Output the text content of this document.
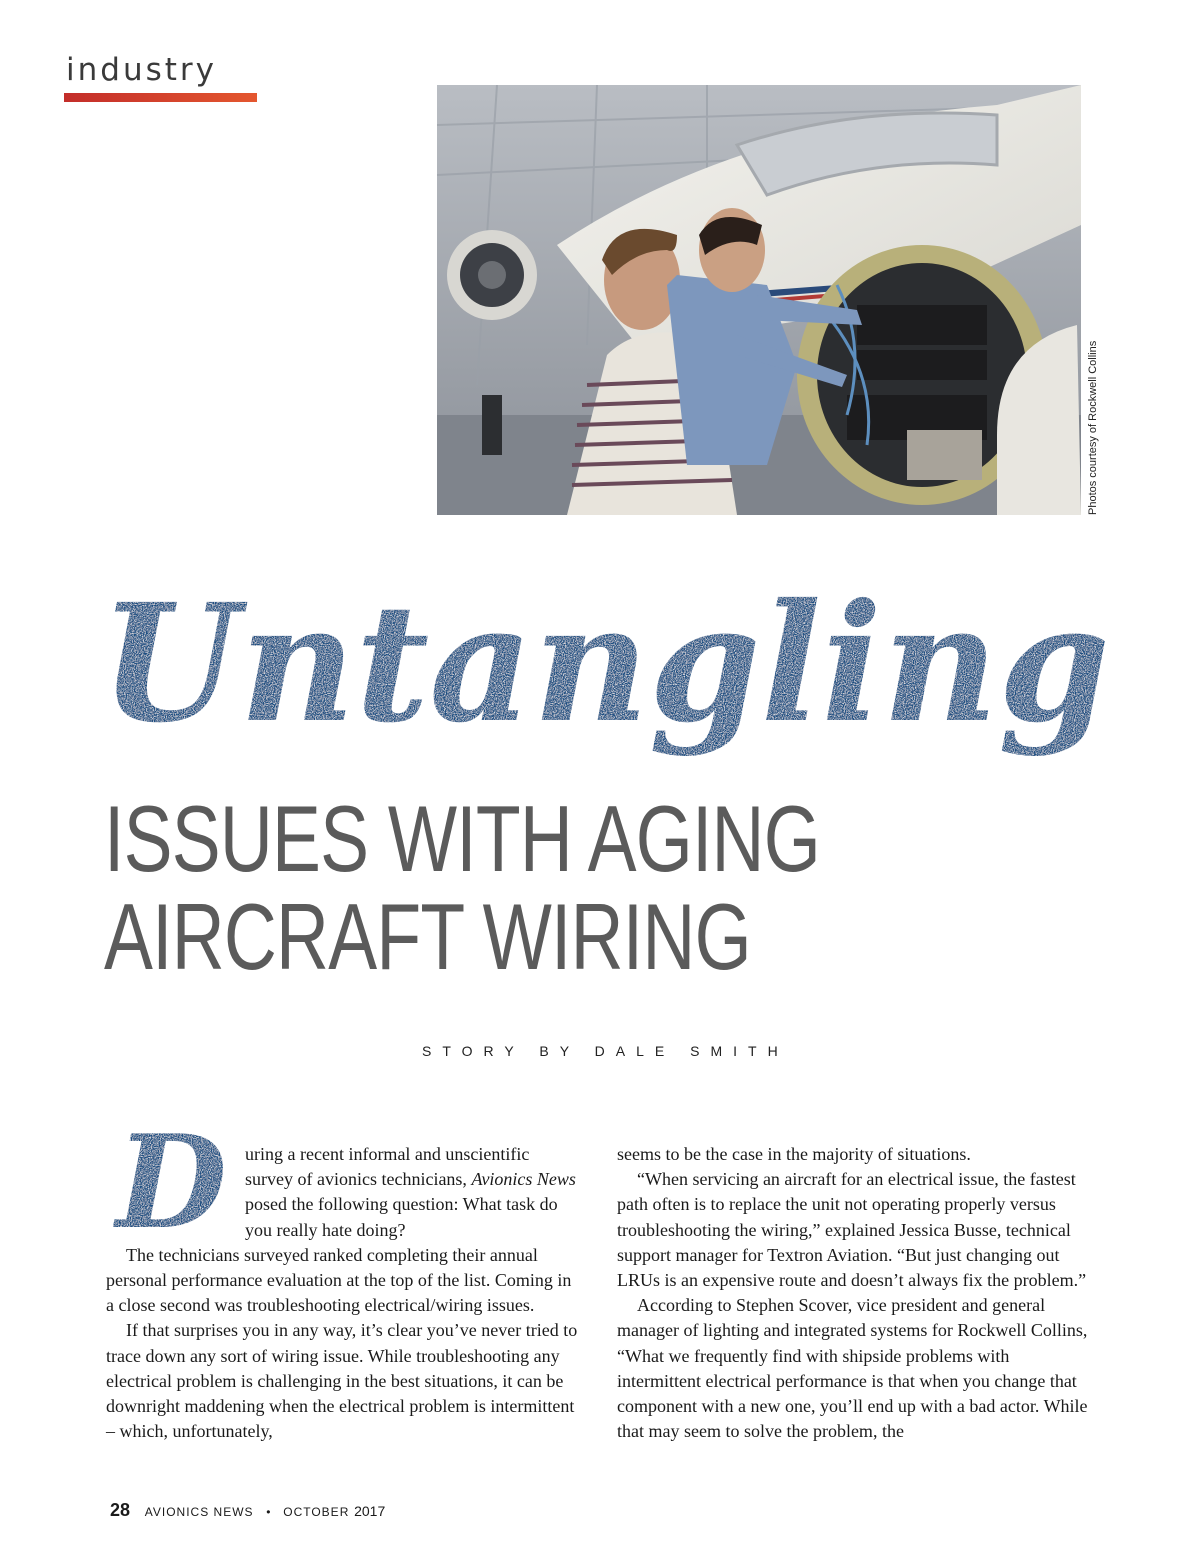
industry
Photos courtesy of Rockwell Collins
Untangling
ISSUES WITH AGING
AIRCRAFT WIRING
STORY BY DALE SMITH

D uring a recent informal and unscientific survey of avionics technicians, Avionics News posed the following question: What task do you really hate doing?

The technicians surveyed ranked completing their annual personal performance evaluation at the top of the list. Coming in a close second was troubleshooting electrical/wiring issues.

If that surprises you in any way, it’s clear you’ve never tried to trace down any sort of wiring issue. While troubleshooting any electrical problem is challenging in the best situations, it can be downright maddening when the electrical problem is intermittent – which, unfortunately,

seems to be the case in the majority of situations.

“When servicing an aircraft for an electrical issue, the fastest path often is to replace the unit not operating properly versus troubleshooting the wiring,” explained Jessica Busse, technical support manager for Textron Aviation. “But just changing out LRUs is an expensive route and doesn’t always fix the problem.”

According to Stephen Scover, vice president and general manager of lighting and integrated systems for Rockwell Collins, “What we frequently find with shipside problems with intermittent electrical performance is that when you change that component with a new one, you’ll end up with a bad actor. While that may seem to solve the problem, the

28 AVIONICS NEWS • OCTOBER 2017
